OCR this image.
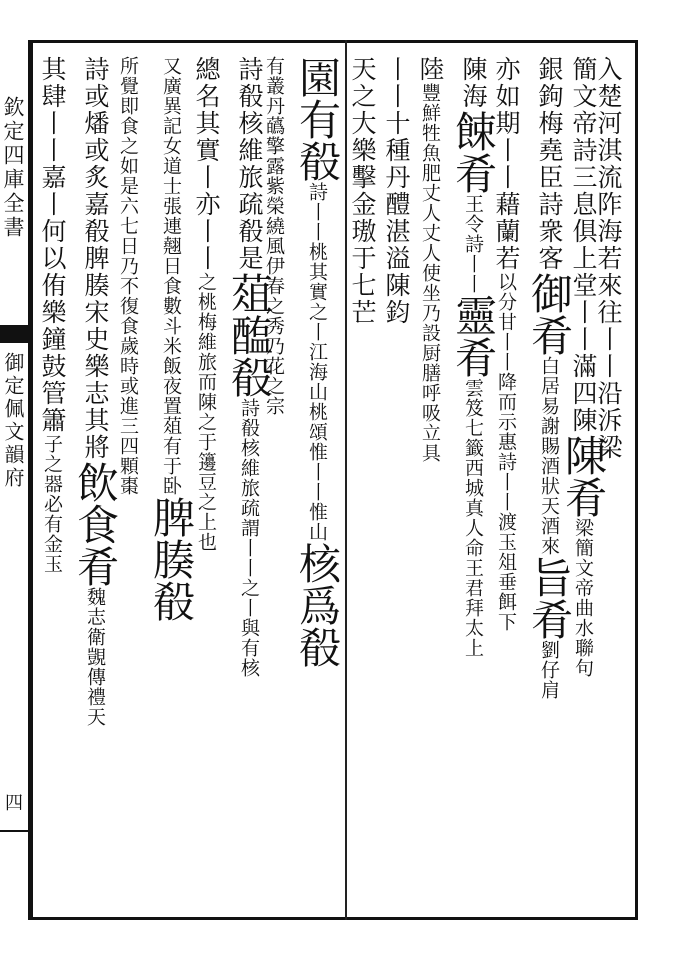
欽定四庫全書
御定佩文韻府
四
入楚河淇流阼海若來往丨丨沿泝梁
簡文帝詩三息俱上堂丨丨滿四陳陳肴梁簡文帝曲水聯句
銀鉤梅堯臣詩衆客御肴白居易謝賜酒狀天酒來旨肴劉仔肩
亦如期丨丨藉蘭若以分甘丨丨降而示惠詩丨丨渡玉俎垂餌下
陳海餗肴王令詩丨丨靈肴雲笈七籤西城真人命王君拜太上
陸豐鮮牲魚肥丈人丈人使坐乃設厨膳呼吸立具
丨丨十種丹醴湛溢陳鈞
天之大樂擊金璈于七芒
園有殽詩丨丨桃其實之丨江海山桃頌惟丨丨惟山核爲殽
有叢丹蘤擎露紫榮繞風伊春之秀乃花之宗
詩殽核維旅疏殽是葅醢殽詩殽核維旅疏謂丨丨之丨與有核
總名其實丨亦丨丨之桃梅維旅而陳之于籩豆之上也
又廣異記女道士張連翹日食數斗米飯夜置葅有于卧脾腠殽
所覺即食之如是六七日乃不復食歲時或進三四顆棗
詩或燔或炙嘉殽脾腠宋史樂志其將飲食肴魏志衛覬傳禮天
其肆丨丨嘉丨何以侑樂鐘鼓管簫子之器必有金玉
